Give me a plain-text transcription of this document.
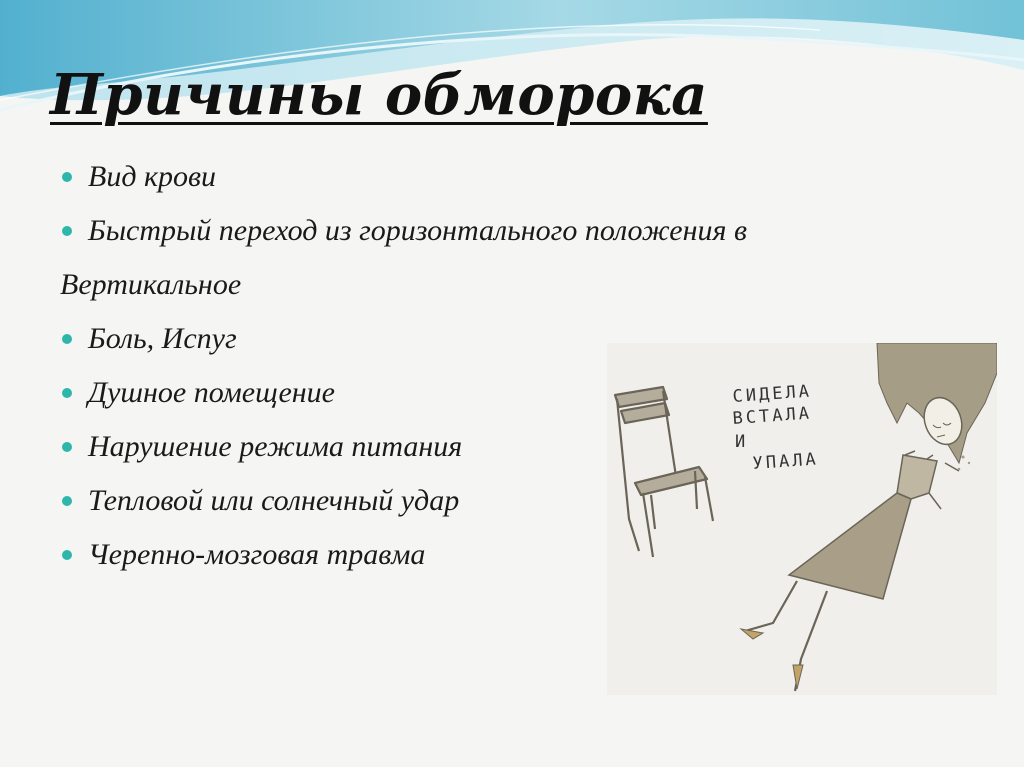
Причины обморока
Вид крови
Быстрый переход из горизонтального положения в
Вертикальное
Боль, Испуг
Душное помещение
Нарушение режима питания
Тепловой или солнечный удар
Черепно-мозговая травма
СИДЕЛА
ВСТАЛА
И
УПАЛА
